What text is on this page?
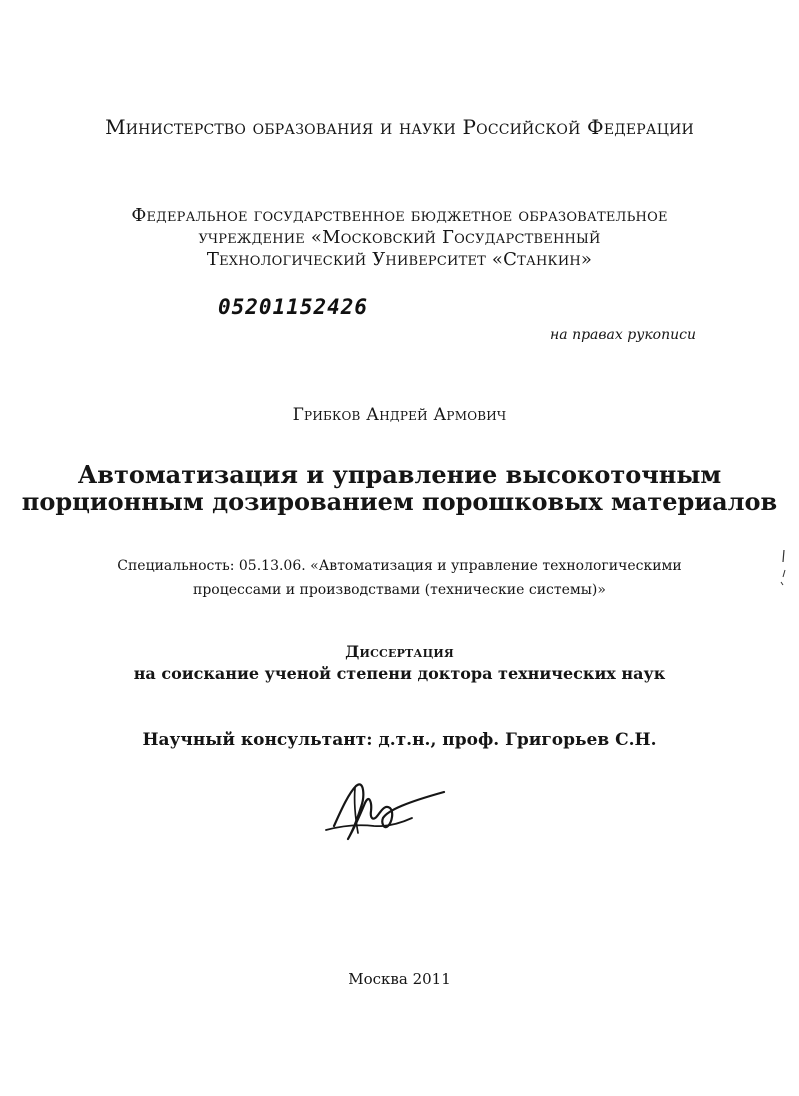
Министерство образования и науки Российской Федерации
Федеральное государственное бюджетное образовательное
учреждение «Московский Государственный
Технологический Университет «Станкин»
05201152426
на правах рукописи
Грибков Андрей Армович
Автоматизация и управление высокоточным
порционным дозированием порошковых материалов
Специальность: 05.13.06. «Автоматизация и управление технологическими
процессами и производствами (технические системы)»
Диссертация
на соискание ученой степени доктора технических наук
Научный консультант: д.т.н., проф. Григорьев С.Н.
Москва 2011
